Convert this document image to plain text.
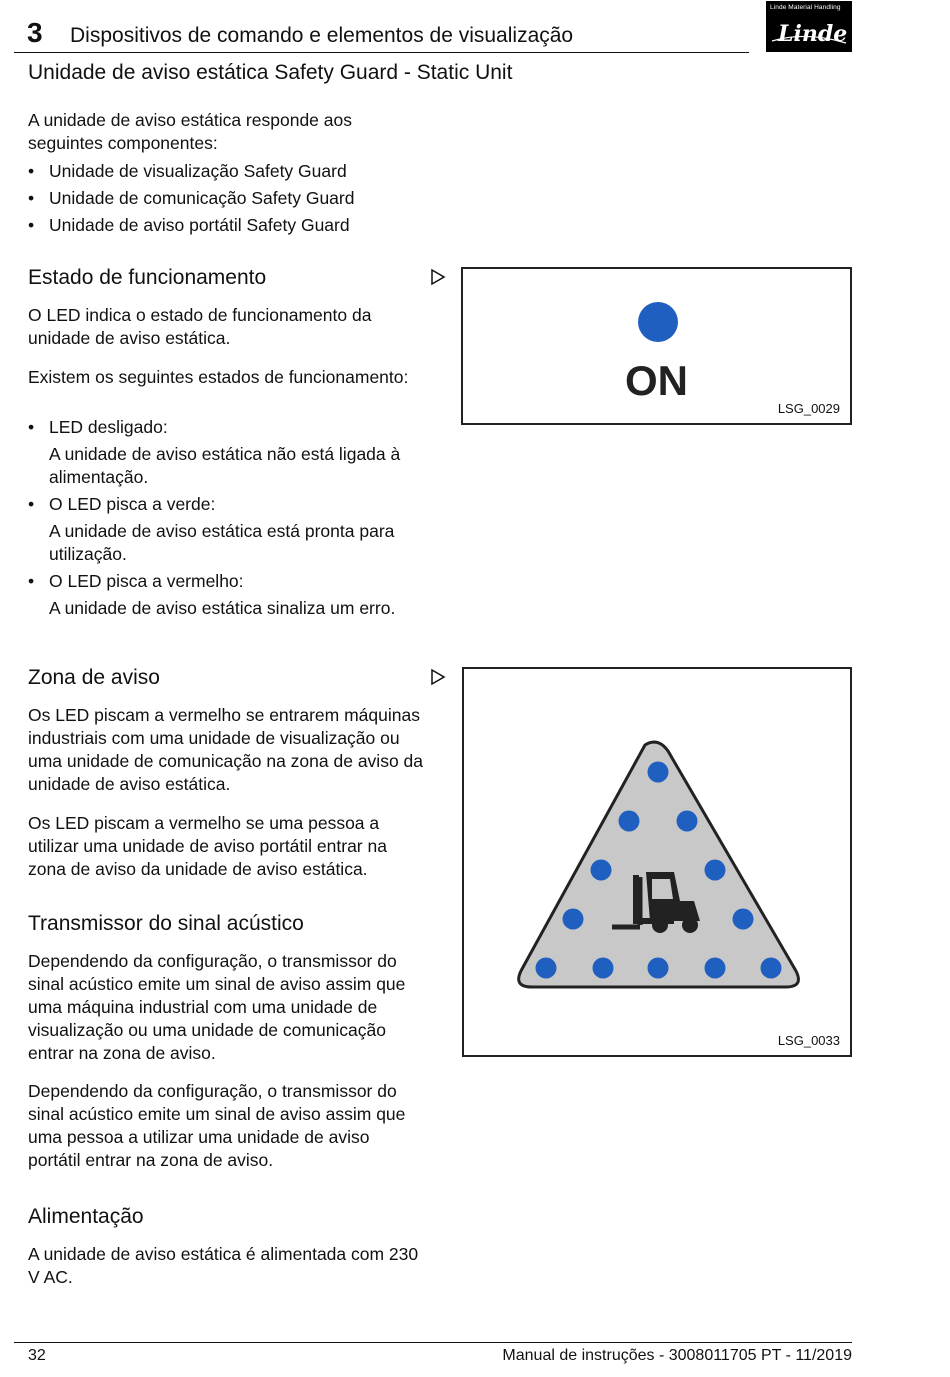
3 Dispositivos de comando e elementos de visualização
Linde Material Handling
Linde
Unidade de aviso estática Safety Guard - Static Unit

A unidade de aviso estática responde aos seguintes componentes:

• Unidade de visualização Safety Guard
• Unidade de comunicação Safety Guard
• Unidade de aviso portátil Safety Guard
Estado de funcionamento

O LED indica o estado de funcionamento da unidade de aviso estática.

Existem os seguintes estados de funcionamento:

• LED desligado:
A unidade de aviso estática não está ligada à alimentação.
• O LED pisca a verde:
A unidade de aviso estática está pronta para utilização.
• O LED pisca a vermelho:
A unidade de aviso estática sinaliza um erro.
ON
LSG_0029
Zona de aviso

Os LED piscam a vermelho se entrarem máquinas industriais com uma unidade de visualização ou uma unidade de comunicação na zona de aviso da unidade de aviso estática.

Os LED piscam a vermelho se uma pessoa a utilizar uma unidade de aviso portátil entrar na zona de aviso da unidade de aviso estática.

LSG_0033
Transmissor do sinal acústico

Dependendo da configuração, o transmissor do sinal acústico emite um sinal de aviso assim que uma máquina industrial com uma unidade de visualização ou uma unidade de comunicação entrar na zona de aviso.

Dependendo da configuração, o transmissor do sinal acústico emite um sinal de aviso assim que uma pessoa a utilizar uma unidade de aviso portátil entrar na zona de aviso.

Alimentação

A unidade de aviso estática é alimentada com 230 V AC.

32	Manual de instruções - 3008011705 PT - 11/2019
